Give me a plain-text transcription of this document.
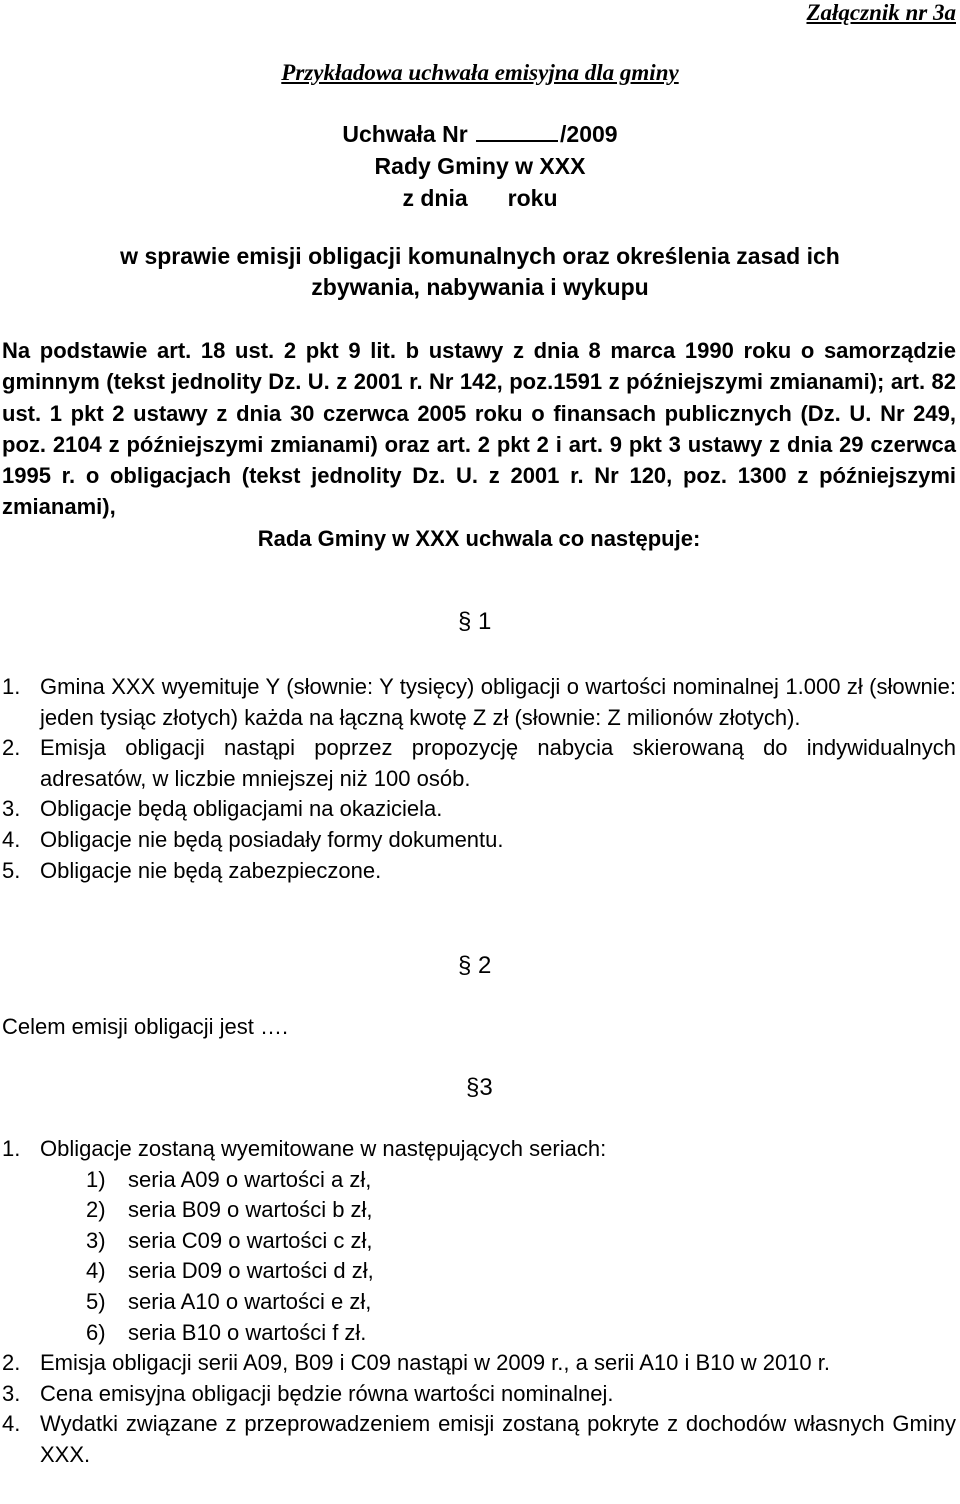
Załącznik nr 3a
Przykładowa uchwała emisyjna dla gminy
Uchwała Nr	/2009
Rady Gminy w XXX
z dnia roku
w sprawie emisji obligacji komunalnych oraz określenia zasad ich
zbywania, nabywania i wykupu
Na podstawie art. 18 ust. 2 pkt 9 lit. b ustawy z dnia 8 marca 1990 roku o samorządzie gminnym (tekst jednolity Dz. U. z 2001 r. Nr 142, poz.1591 z późniejszymi zmianami); art. 82 ust. 1 pkt 2 ustawy z dnia 30 czerwca 2005 roku o finansach publicznych (Dz. U. Nr 249, poz. 2104 z późniejszymi zmianami) oraz art. 2 pkt 2 i art. 9 pkt 3 ustawy z dnia 29 czerwca 1995 r. o obligacjach (tekst jednolity Dz. U. z 2001 r. Nr 120, poz. 1300 z późniejszymi zmianami),
Rada Gminy w XXX uchwala co następuje:
§ 1
1. Gmina XXX wyemituje Y (słownie: Y tysięcy) obligacji o wartości nominalnej 1.000 zł (słownie: jeden tysiąc złotych) każda na łączną kwotę Z zł (słownie: Z milionów złotych).
2. Emisja obligacji nastąpi poprzez propozycję nabycia skierowaną do indywidualnych adresatów, w liczbie mniejszej niż 100 osób.
3. Obligacje będą obligacjami na okaziciela.
4. Obligacje nie będą posiadały formy dokumentu.
5. Obligacje nie będą zabezpieczone.
§ 2
Celem emisji obligacji jest ….
§3
1. Obligacje zostaną wyemitowane w następujących seriach:
1)	seria A09 o wartości a zł,
2)	seria B09 o wartości b zł,
3)	seria C09 o wartości c zł,
4)	seria D09 o wartości d zł,
5)	seria A10 o wartości e zł,
6)	seria B10 o wartości f zł.
2. Emisja obligacji serii A09, B09 i C09 nastąpi w 2009 r., a serii A10 i B10 w 2010 r.
3. Cena emisyjna obligacji będzie równa wartości nominalnej.
4. Wydatki związane z przeprowadzeniem emisji zostaną pokryte z dochodów własnych Gminy XXX.
